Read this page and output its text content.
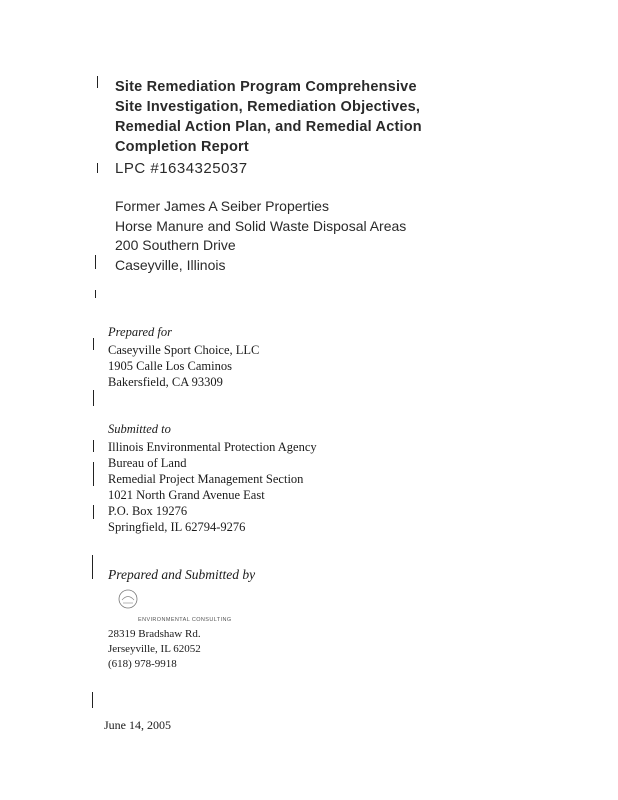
Site Remediation Program Comprehensive
Site Investigation, Remediation Objectives,
Remedial Action Plan, and Remedial Action
Completion Report
LPC #1634325037
Former James A Seiber Properties
Horse Manure and Solid Waste Disposal Areas
200 Southern Drive
Caseyville, Illinois
Prepared for
Caseyville Sport Choice, LLC
1905 Calle Los Caminos
Bakersfield, CA 93309
Submitted to
Illinois Environmental Protection Agency
Bureau of Land
Remedial Project Management Section
1021 North Grand Avenue East
P.O. Box 19276
Springfield, IL 62794-9276
Prepared and Submitted by
ENVIRONMENTAL CONSULTING
28319 Bradshaw Rd.
Jerseyville, IL 62052
(618) 978-9918
June 14, 2005
